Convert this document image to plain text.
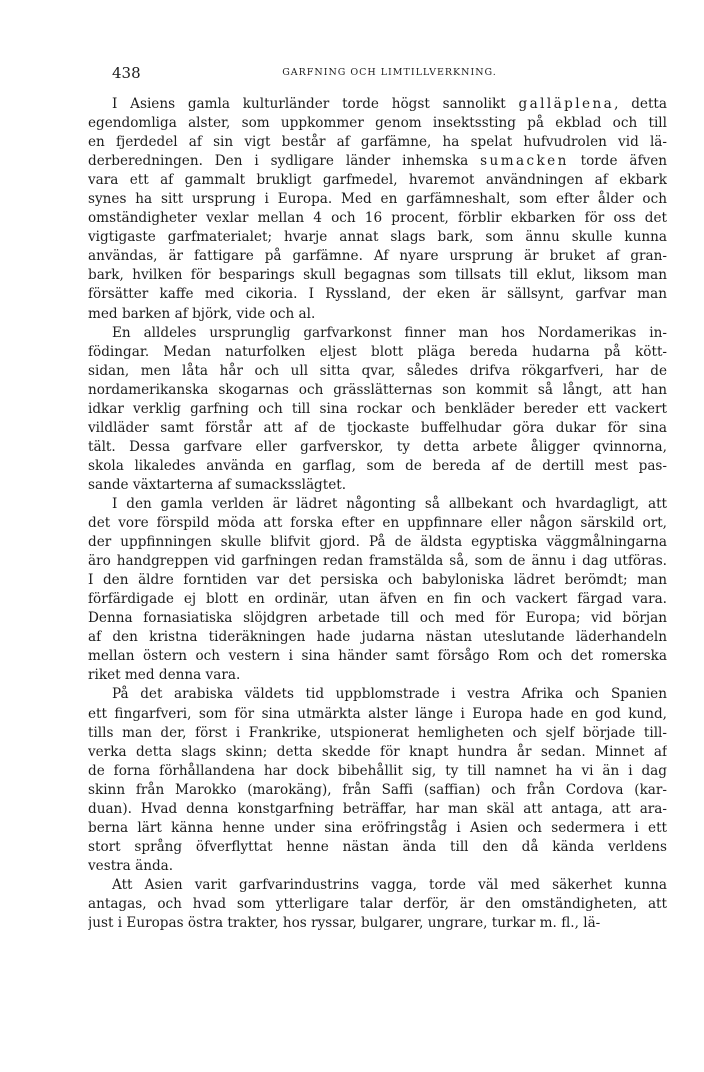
438	GARFNING OCH LIMTILLVERKNING.
I Asiens gamla kulturländer torde högst sannolikt galläplena, detta
egendomliga alster, som uppkommer genom insektssting på ekblad och till
en fjerdedel af sin vigt består af garfämne, ha spelat hufvudrolen vid lä-
derberedningen. Den i sydligare länder inhemska sumacken torde äfven
vara ett af gammalt brukligt garfmedel, hvaremot användningen af ekbark
synes ha sitt ursprung i Europa. Med en garfämneshalt, som efter ålder och
omständigheter vexlar mellan 4 och 16 procent, förblir ekbarken för oss det
vigtigaste garfmaterialet; hvarje annat slags bark, som ännu skulle kunna
användas, är fattigare på garfämne. Af nyare ursprung är bruket af gran-
bark, hvilken för besparings skull begagnas som tillsats till eklut, liksom man
försätter kaffe med cikoria. I Ryssland, der eken är sällsynt, garfvar man
med barken af björk, vide och al.
En alldeles ursprunglig garfvarkonst finner man hos Nordamerikas in-
födingar. Medan naturfolken eljest blott pläga bereda hudarna på kött-
sidan, men låta hår och ull sitta qvar, således drifva rökgarfveri, har de
nordamerikanska skogarnas och grässlätternas son kommit så långt, att han
idkar verklig garfning och till sina rockar och benkläder bereder ett vackert
vildläder samt förstår att af de tjockaste buffelhudar göra dukar för sina
tält. Dessa garfvare eller garfverskor, ty detta arbete åligger qvinnorna,
skola likaledes använda en garflag, som de bereda af de dertill mest pas-
sande växtarterna af sumacksslägtet.
I den gamla verlden är lädret någonting så allbekant och hvardagligt, att
det vore förspild möda att forska efter en uppfinnare eller någon särskild ort,
der uppfinningen skulle blifvit gjord. På de äldsta egyptiska väggmålningarna
äro handgreppen vid garfningen redan framstälda så, som de ännu i dag utföras.
I den äldre forntiden var det persiska och babyloniska lädret berömdt; man
förfärdigade ej blott en ordinär, utan äfven en fin och vackert färgad vara.
Denna fornasiatiska slöjdgren arbetade till och med för Europa; vid början
af den kristna tideräkningen hade judarna nästan uteslutande läderhandeln
mellan östern och vestern i sina händer samt försågo Rom och det romerska
riket med denna vara.
På det arabiska väldets tid uppblomstrade i vestra Afrika och Spanien
ett fingarfveri, som för sina utmärkta alster länge i Europa hade en god kund,
tills man der, först i Frankrike, utspionerat hemligheten och sjelf började till-
verka detta slags skinn; detta skedde för knapt hundra år sedan. Minnet af
de forna förhållandena har dock bibehållit sig, ty till namnet ha vi än i dag
skinn från Marokko (marokäng), från Saffi (saffian) och från Cordova (kar-
duan). Hvad denna konstgarfning beträffar, har man skäl att antaga, att ara-
berna lärt känna henne under sina eröfringståg i Asien och sedermera i ett
stort språng öfverflyttat henne nästan ända till den då kända verldens
vestra ända.
Att Asien varit garfvarindustrins vagga, torde väl med säkerhet kunna
antagas, och hvad som ytterligare talar derför, är den omständigheten, att
just i Europas östra trakter, hos ryssar, bulgarer, ungrare, turkar m. fl., lä-
